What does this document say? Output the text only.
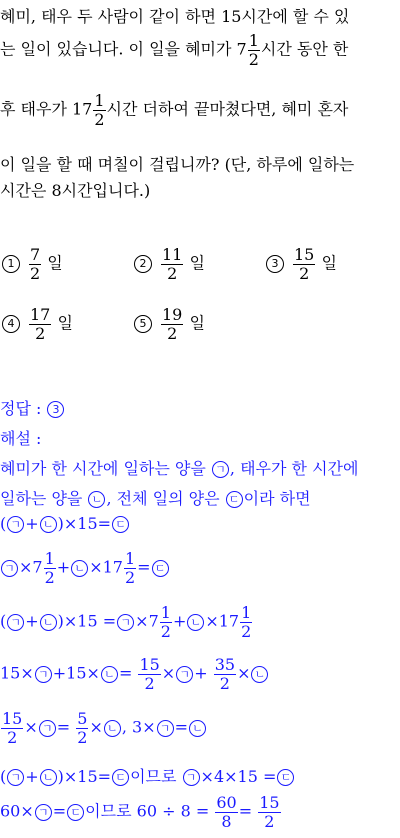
혜미, 태우 두 사람이 같이 하면 15시간에 할 수 있
는 일이 있습니다. 이 일을 혜미가 $7 \frac{1}{2}$ 시간 동안 한
후 태우가 $17 \frac{1}{2}$ 시간 더하여 끝마쳤다면, 혜미 혼자
이 일을 할 때 며칠이 걸립니까? (단, 하루에 일하는
시간은 8시간입니다.)
$1 \frac{7}{2}$ 일	$2 \frac{11}{2}$ 일	$3 \frac{15}{2}$ 일
$4 \frac{17}{2}$ 일	$5 \frac{19}{2}$ 일
정답 : 3
해설 :
혜미가 한 시간에 일하는 양을 ㄱ , 태우가 한 시간에
일하는 양을 ㄴ , 전체 일의 양은 ㄷ 이라 하면
( ㄱ + ㄴ )×15= ㄷ
ㄱ $\times 7 \frac{1}{2}$ + ㄴ $\times 17 \frac{1}{2}$ = ㄷ
( ㄱ + ㄴ )×15 = ㄱ $\times 7 \frac{1}{2}$ + ㄴ $\times 17 \frac{1}{2}$
15× ㄱ +15× ㄴ = $\frac{15}{2}$ × ㄱ + $\frac{35}{2}$ × ㄴ
$\frac{15}{2}$ × ㄱ = $\frac{5}{2}$ × ㄴ , 3× ㄱ = ㄴ
( ㄱ + ㄴ )×15= ㄷ 이므로 ㄱ ×4×15 = ㄷ
60× ㄱ = ㄷ 이므로 $60 \div 8 = \frac{60}{8} = \frac{15}{2}$
